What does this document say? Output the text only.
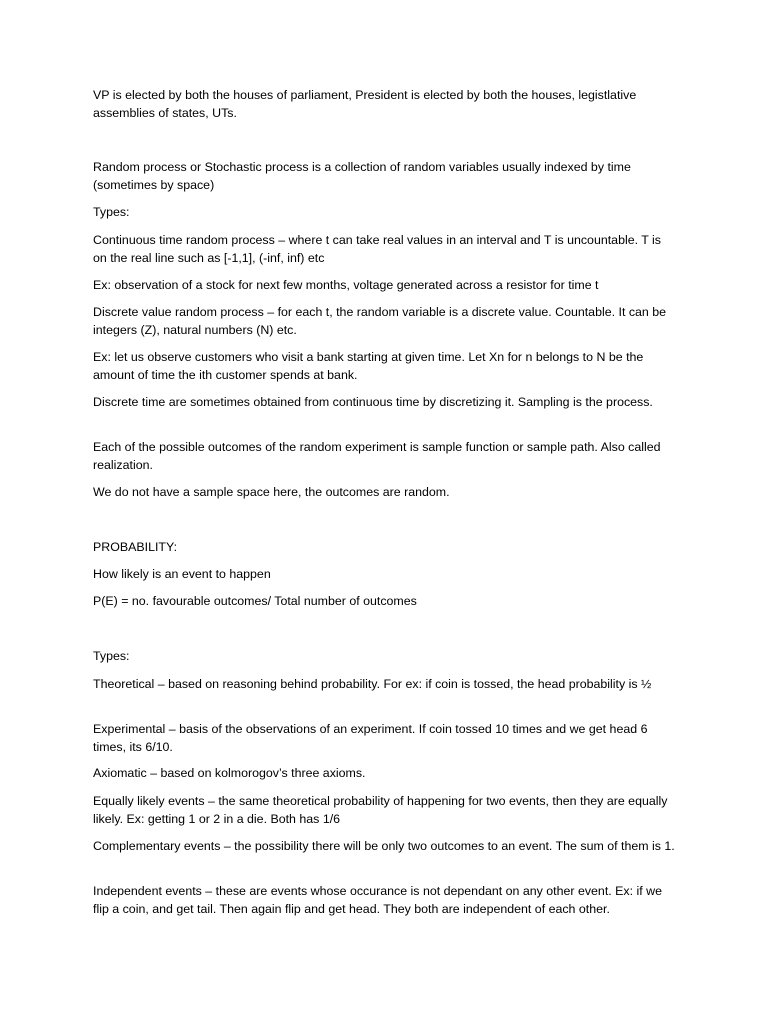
VP is elected by both the houses of parliament, President is elected by both the houses, legistlative assemblies of states, UTs.

Random process or Stochastic process is a collection of random variables usually indexed by time (sometimes by space)

Types:

Continuous time random process – where t can take real values in an interval and T is uncountable. T is on the real line such as [-1,1], (-inf, inf) etc

Ex: observation of a stock for next few months, voltage generated across a resistor for time t

Discrete value random process – for each t, the random variable is a discrete value. Countable. It can be integers (Z), natural numbers (N) etc.

Ex: let us observe customers who visit a bank starting at given time. Let Xn for n belongs to N be the amount of time the ith customer spends at bank.

Discrete time are sometimes obtained from continuous time by discretizing it. Sampling is the process.

Each of the possible outcomes of the random experiment is sample function or sample path. Also called realization.

We do not have a sample space here, the outcomes are random.

PROBABILITY:

How likely is an event to happen

P(E) = no. favourable outcomes/ Total number of outcomes

Types:

Theoretical – based on reasoning behind probability. For ex: if coin is tossed, the head probability is ½

Experimental – basis of the observations of an experiment. If coin tossed 10 times and we get head 6 times, its 6/10.

Axiomatic – based on kolmorogov’s three axioms.

Equally likely events – the same theoretical probability of happening for two events, then they are equally likely. Ex: getting 1 or 2 in a die. Both has 1/6

Complementary events – the possibility there will be only two outcomes to an event. The sum of them is 1.

Independent events – these are events whose occurance is not dependant on any other event. Ex: if we flip a coin, and get tail. Then again flip and get head. They both are independent of each other.
